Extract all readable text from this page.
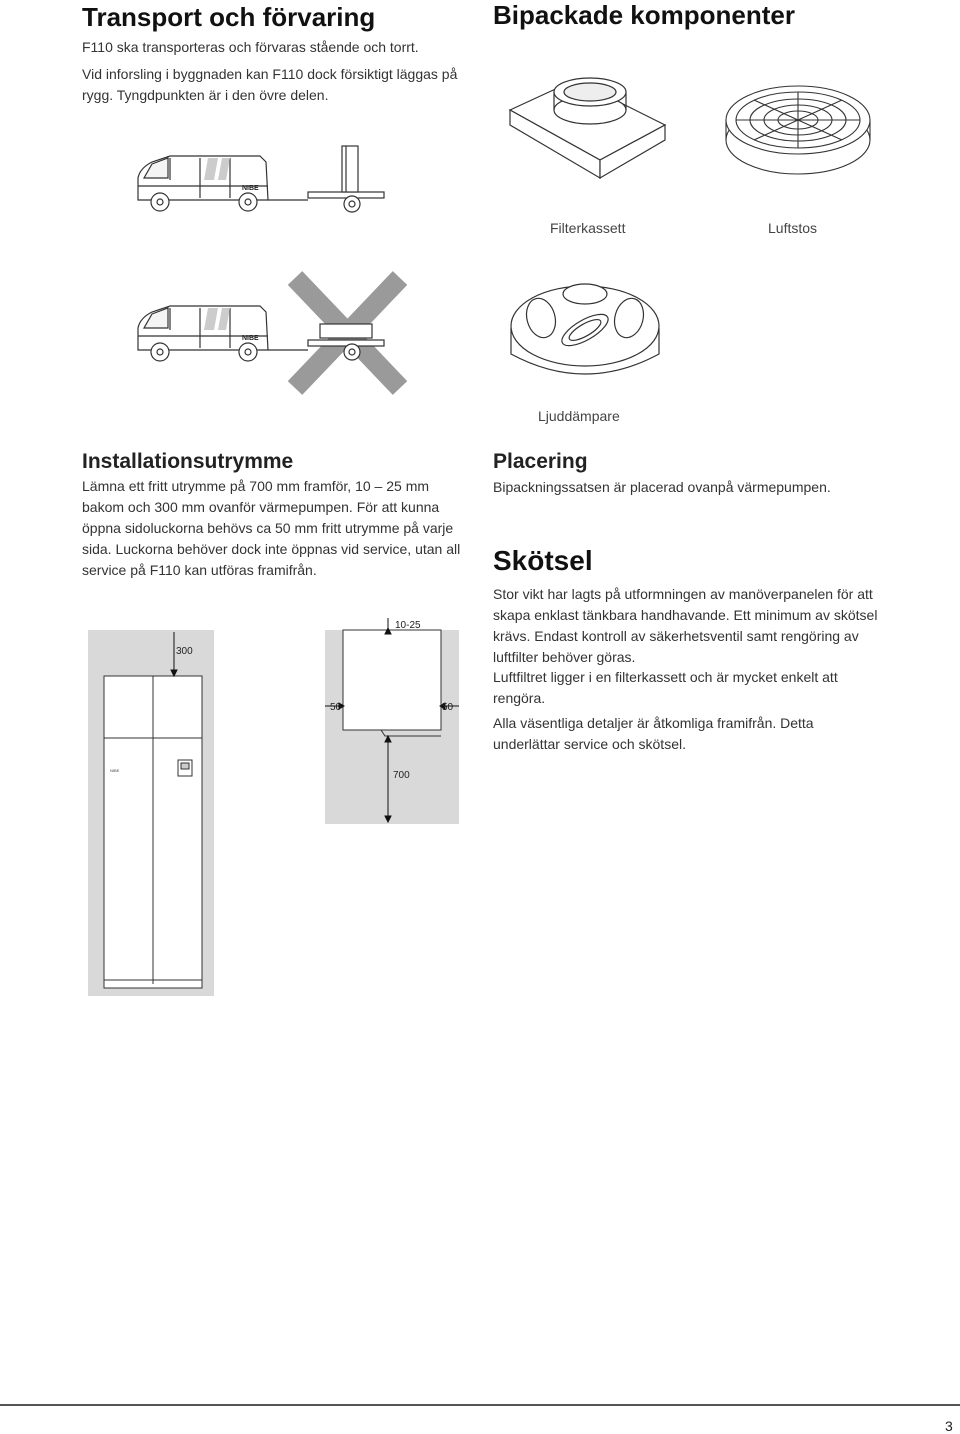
Transport och förvaring

F110 ska transporteras och förvaras stående och torrt.

Vid inforsling i byggnaden kan F110 dock försiktigt läggas på rygg. Tyngdpunkten är i den övre delen.

Installationsutrymme

Lämna ett fritt utrymme på 700 mm framför, 10 – 25 mm bakom och 300 mm ovanför värmepumpen. För att kunna öppna sidoluckorna behövs ca 50 mm fritt utrymme på varje sida. Luckorna behöver dock inte öppnas vid service, utan all service på F110 kan utföras framifrån.

Bipackade komponenter
Filterkassett	Luftstos
Ljuddämpare
Placering

Bipackningssatsen är placerad ovanpå värmepumpen.

Skötsel

Stor vikt har lagts på utformningen av manöverpanelen för att skapa enklast tänkbara handhavande. Ett minimum av skötsel krävs. Endast kontroll av säkerhetsventil samt rengöring av luftfilter behöver göras.

Luftfiltret ligger i en filterkassett och är mycket enkelt att rengöra.

Alla väsentliga detaljer är åtkomliga framifrån. Detta underlättar service och skötsel.

NIBE
NIBE
300
NIBE
10-25
50	50
700
3
